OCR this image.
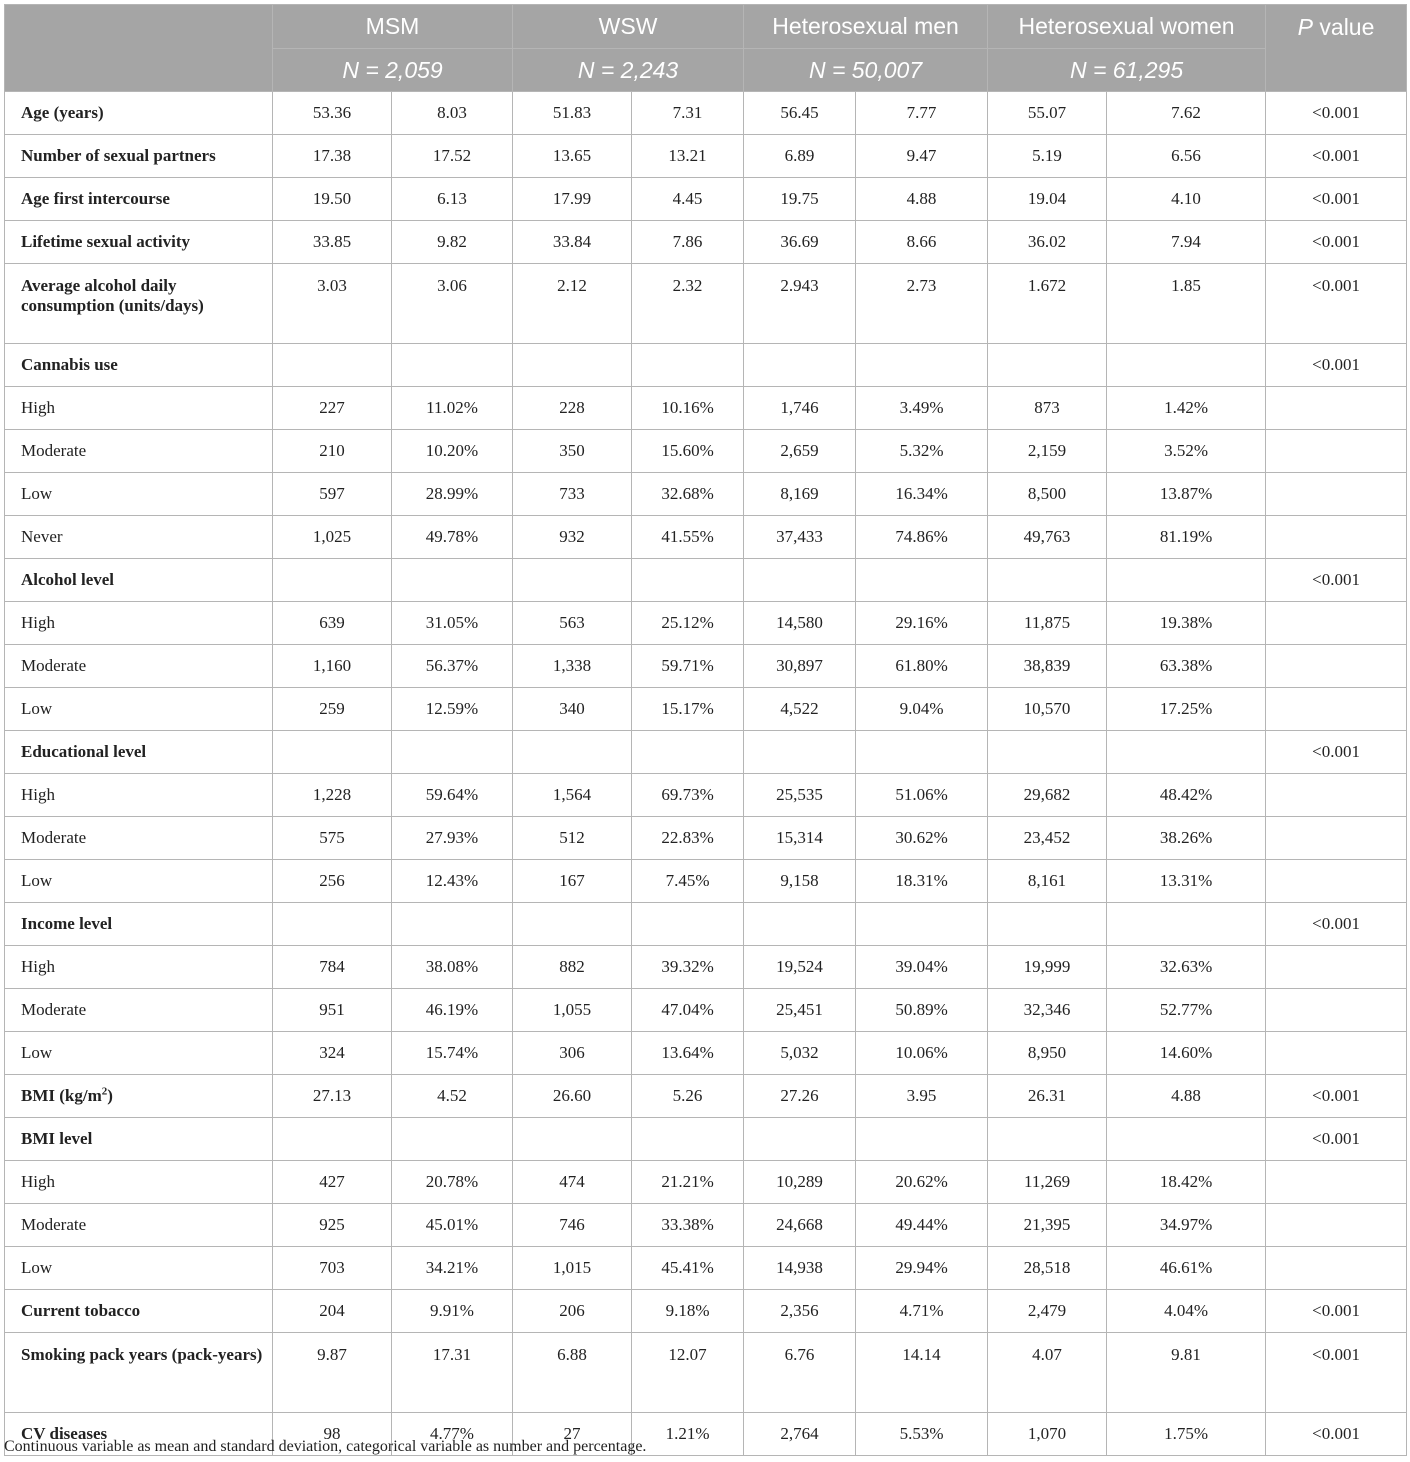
	MSM		WSW		Heterosexual men		Heterosexual women		P value
	N = 2,059		N = 2,243		N = 50,007		N = 61,295		
Age (years)	53.36	8.03	51.83	7.31	56.45	7.77	55.07	7.62	<0.001
Number of sexual partners	17.38	17.52	13.65	13.21	6.89	9.47	5.19	6.56	<0.001
Age first intercourse	19.50	6.13	17.99	4.45	19.75	4.88	19.04	4.10	<0.001
Lifetime sexual activity	33.85	9.82	33.84	7.86	36.69	8.66	36.02	7.94	<0.001
Average alcohol daily consumption (units/days)	3.03	3.06	2.12	2.32	2.943	2.73	1.672	1.85	<0.001
Cannabis use									<0.001
High	227	11.02%	228	10.16%	1,746	3.49%	873	1.42%	
Moderate	210	10.20%	350	15.60%	2,659	5.32%	2,159	3.52%	
Low	597	28.99%	733	32.68%	8,169	16.34%	8,500	13.87%	
Never	1,025	49.78%	932	41.55%	37,433	74.86%	49,763	81.19%	
Alcohol level									<0.001
High	639	31.05%	563	25.12%	14,580	29.16%	11,875	19.38%	
Moderate	1,160	56.37%	1,338	59.71%	30,897	61.80%	38,839	63.38%	
Low	259	12.59%	340	15.17%	4,522	9.04%	10,570	17.25%	
Educational level									<0.001
High	1,228	59.64%	1,564	69.73%	25,535	51.06%	29,682	48.42%	
Moderate	575	27.93%	512	22.83%	15,314	30.62%	23,452	38.26%	
Low	256	12.43%	167	7.45%	9,158	18.31%	8,161	13.31%	
Income level									<0.001
High	784	38.08%	882	39.32%	19,524	39.04%	19,999	32.63%	
Moderate	951	46.19%	1,055	47.04%	25,451	50.89%	32,346	52.77%	
Low	324	15.74%	306	13.64%	5,032	10.06%	8,950	14.60%	
BMI $(kg/m^2)$	27.13	4.52	26.60	5.26	27.26	3.95	26.31	4.88	<0.001
BMI level									<0.001
High	427	20.78%	474	21.21%	10,289	20.62%	11,269	18.42%	
Moderate	925	45.01%	746	33.38%	24,668	49.44%	21,395	34.97%	
Low	703	34.21%	1,015	45.41%	14,938	29.94%	28,518	46.61%	
Current tobacco	204	9.91%	206	9.18%	2,356	4.71%	2,479	4.04%	<0.001
Smoking pack years (pack-years)	9.87	17.31	6.88	12.07	6.76	14.14	4.07	9.81	<0.001
CV diseases	98	4.77%	27	1.21%	2,764	5.53%	1,070	1.75%	<0.001
Continuous variable as mean and standard deviation, categorical variable as number and percentage.
